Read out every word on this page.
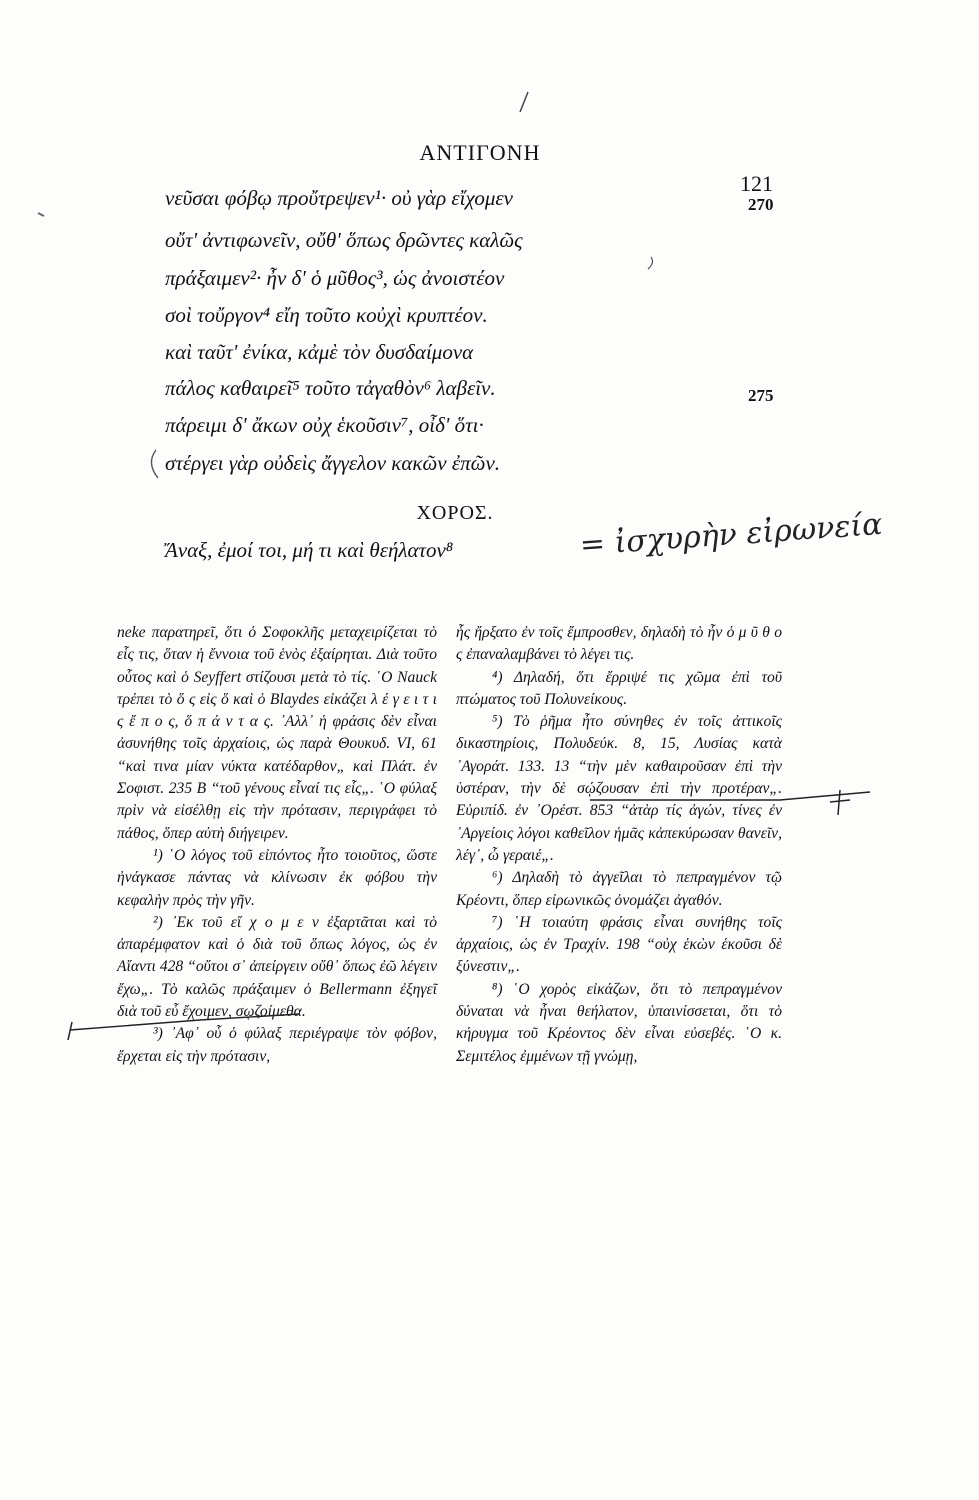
ΑΝΤΙΓΟΝΗ
121
νεῦσαι φόβῳ προὔτρεψεν¹· οὐ γὰρ εἴχομεν	270
οὔτ' ἀντιφωνεῖν, οὔθ' ὅπως δρῶντες καλῶς
πράξαιμεν²· ἦν δ' ὁ μῦθος³, ὡς ἀνοιστέον
σοὶ τοὔργον⁴ εἴη τοῦτο κοὐχὶ κρυπτέον.
καὶ ταῦτ' ἐνίκα, κἀμὲ τὸν δυσδαίμονα
πάλος καθαιρεῖ⁵ τοῦτο τἀγαθὸν⁶ λαβεῖν.	275
πάρειμι δ' ἄκων οὐχ ἑκοῦσιν⁷, οἶδ' ὅτι·
στέργει γὰρ οὐδεὶς ἄγγελον κακῶν ἐπῶν.
ΧΟΡΟΣ.
Ἄναξ, ἐμοί τοι, μή τι καὶ θεήλατον⁸	= ἰσχυρὴν εἰρωνεία

neke παρατηρεῖ, ὅτι ὁ Σοφοκλῆς μεταχειρίζεται τὸ εἷς τις, ὅταν ἡ ἔννοια τοῦ ἑνὸς ἐξαίρηται. Διὰ τοῦτο οὗτος καὶ ὁ Seyffert στίζουσι μετὰ τὸ τίς. ῾Ο Nauck τρέπει τὸ ὅ ς εἰς ὅ καὶ ὁ Blaydes εἰκάζει λ έ γ ε ι τ ι ς ἔ π ο ς, ὅ π ά ν τ α ς. ᾽Αλλ᾽ ἡ φράσις δὲν εἶναι ἀσυνήθης τοῖς ἀρχαίοις, ὡς παρὰ Θουκυδ. VI, 61 “καὶ τινα μίαν νύκτα κατέδαρθον„ καὶ Πλάτ. ἐν Σοφιστ. 235 Β “τοῦ γένους εἶναί τις εἷς„. ῾Ο φύλαξ πρὶν νὰ εἰσέλθῃ εἰς τὴν πρότασιν, περιγράφει τὸ πάθος, ὅπερ αὐτὴ διήγειρεν.

¹) ῾Ο λόγος τοῦ εἰπόντος ἦτο τοιοῦτος, ὥστε ἠνάγκασε πάντας νὰ κλίνωσιν ἐκ φόβου τὴν κεφαλὴν πρὸς τὴν γῆν.

²) ᾽Εκ τοῦ εἴ χ ο μ ε ν ἐξαρτᾶται καὶ τὸ ἀπαρέμφατον καὶ ὁ διὰ τοῦ ὅπως λόγος, ὡς ἐν Αἴαντι 428 “οὔτοι σ᾽ ἀπείργειν οὔθ᾽ ὅπως ἐῶ λέγειν ἔχω„. Τὸ καλῶς πράξαιμεν ὁ Bellermann ἐξηγεῖ διὰ τοῦ εὖ ἔχοιμεν, σῳζοίμεθα.

³) ᾽Αφ᾽ οὗ ὁ φύλαξ περιέγραψε τὸν φόβον, ἔρχεται εἰς τὴν πρότασιν,

ἧς ἤρξατο ἐν τοῖς ἔμπροσθεν, δηλαδὴ τὸ ἦν ὁ μ ῦ θ ο ς ἐπαναλαμβάνει τὸ λέγει τις.

⁴) Δηλαδή, ὅτι ἔρριψέ τις χῶμα ἐπὶ τοῦ πτώματος τοῦ Πολυνείκους.

⁵) Τὸ ῥῆμα ἦτο σύνηθες ἐν τοῖς ἀττικοῖς δικαστηρίοις, Πολυδεύκ. 8, 15, Λυσίας κατὰ ᾽Αγοράτ. 133. 13 “τὴν μὲν καθαιροῦσαν ἐπὶ τὴν ὑστέραν, τὴν δὲ σῴζουσαν ἐπὶ τὴν προτέραν„. Εὐριπίδ. ἐν ᾽Ορέστ. 853 “ἀτὰρ τίς ἀγών, τίνες ἐν ᾽Αργείοις λόγοι καθεῖλον ἡμᾶς κἀπεκύρωσαν θανεῖν, λέγ᾽, ὦ γεραιέ„.

⁶) Δηλαδὴ τὸ ἀγγεῖλαι τὸ πεπραγμένον τῷ Κρέοντι, ὅπερ εἰρωνικῶς ὀνομάζει ἀγαθόν.

⁷) ῾Η τοιαύτη φράσις εἶναι συνήθης τοῖς ἀρχαίοις, ὡς ἐν Τραχίν. 198 “οὐχ ἑκὼν ἑκοῦσι δὲ ξύνεστιν„.

⁸) ῾Ο χορὸς εἰκάζων, ὅτι τὸ πεπραγμένον δύναται νὰ ἦναι θεήλατον, ὑπαινίσσεται, ὅτι τὸ κήρυγμα τοῦ Κρέοντος δὲν εἶναι εὐσεβές. ῾Ο κ. Σεμιτέλος ἐμμένων τῇ γνώμῃ,
